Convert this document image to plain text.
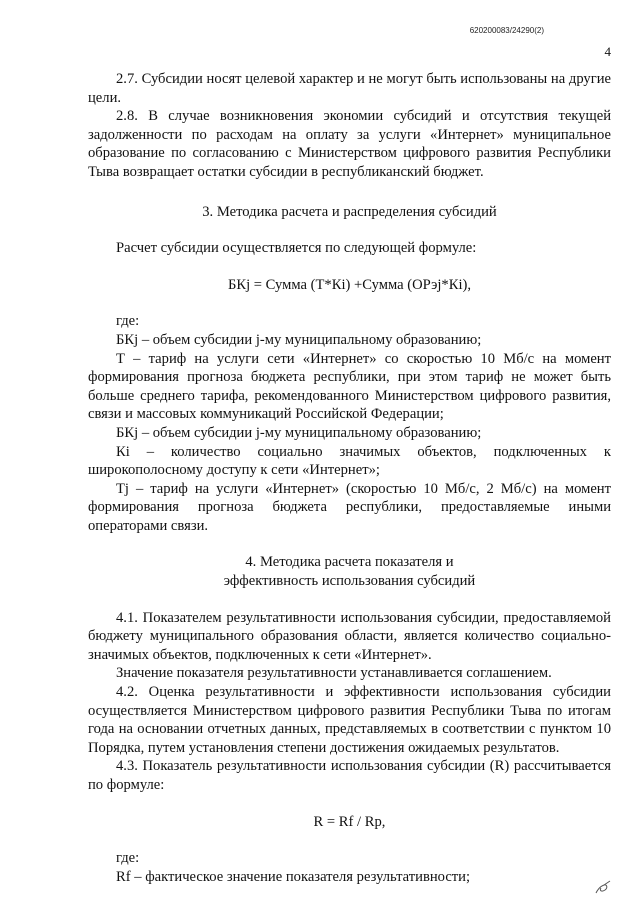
620200083/24290(2)
4

2.7. Субсидии носят целевой характер и не могут быть использованы на другие цели.

2.8. В случае возникновения экономии субсидий и отсутствия текущей задолженности по расходам на оплату за услуги «Интернет» муниципальное образование по согласованию с Министерством цифрового развития Республики Тыва возвращает остатки субсидии в республиканский бюджет.

3. Методика расчета и распределения субсидий

Расчет субсидии осуществляется по следующей формуле:

БКj = Сумма (Т*Кi) +Сумма (ОРэj*Кi),

где:

БКj – объем субсидии j-му муниципальному образованию;

Т – тариф на услуги сети «Интернет» со скоростью 10 Мб/с на момент формирования прогноза бюджета республики, при этом тариф не может быть больше среднего тарифа, рекомендованного Министерством цифрового развития, связи и массовых коммуникаций Российской Федерации;

БКj – объем субсидии j-му муниципальному образованию;

Кi – количество социально значимых объектов, подключенных к широкополосному доступу к сети «Интернет»;

Тj – тариф на услуги «Интернет» (скоростью 10 Мб/с, 2 Мб/с) на момент формирования прогноза бюджета республики, предоставляемые иными операторами связи.

4. Методика расчета показателя и

эффективность использования субсидий

4.1. Показателем результативности использования субсидии, предоставляемой бюджету муниципального образования области, является количество социально-значимых объектов, подключенных к сети «Интернет».

Значение показателя результативности устанавливается соглашением.

4.2. Оценка результативности и эффективности использования субсидии осуществляется Министерством цифрового развития Республики Тыва по итогам года на основании отчетных данных, представляемых в соответствии с пунктом 10 Порядка, путем установления степени достижения ожидаемых результатов.

4.3. Показатель результативности использования субсидии (R) рассчитывается по формуле:

R = Rf / Rp,

где:

Rf – фактическое значение показателя результативности;
